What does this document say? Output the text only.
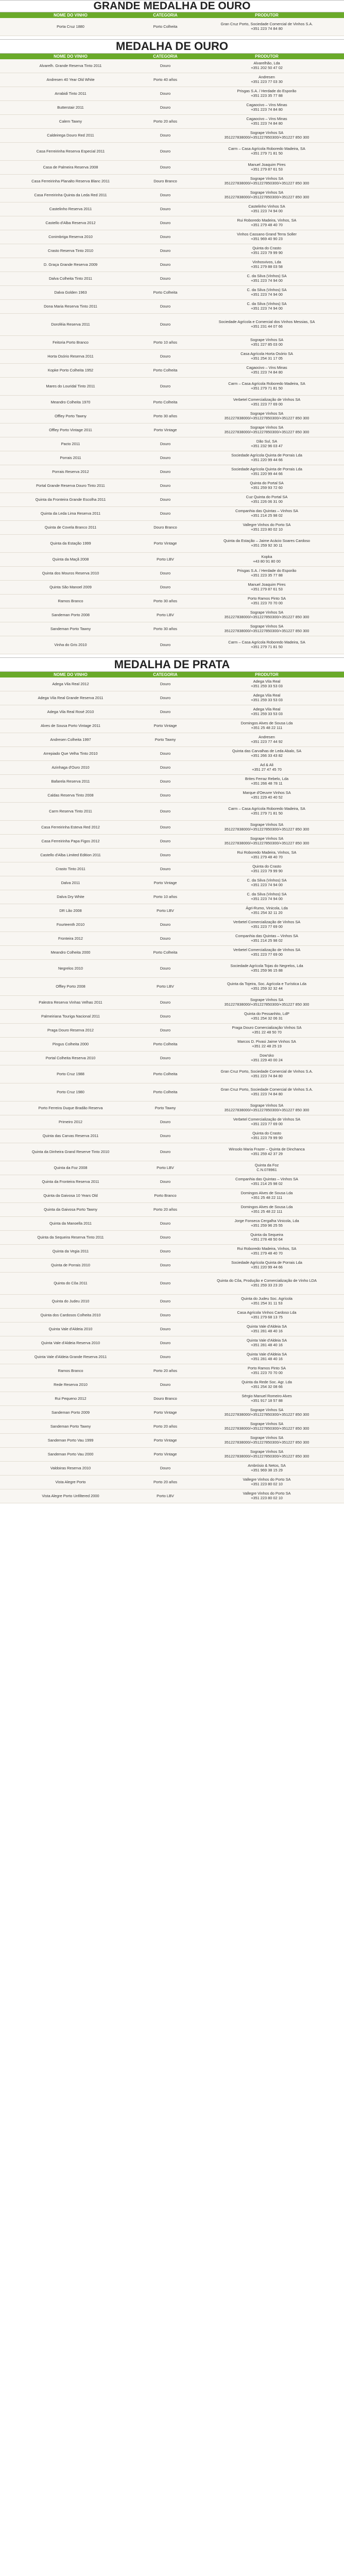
GRANDE MEDALHA DE OURO
NOME DO VINHO	CATEGORIA	PRODUTOR
Porta Cruz 1880	Porto Colheita	Gran Cruz Porto, Sociedade Comercial de Vinhos S.A.
+351 223 74 84 80
MEDALHA DE OURO
NOME DO VINHO	CATEGORIA	PRODUTOR
Alvarelh. Grande Reserva Tinto 2011	Douro	Alvarelhão, Lda
+351 202 50 47 02
Andresen 40 Year Old White	Porto 40 años	Andresen
+351 223 77 03 30
Arrabidi Tinto 2011	Douro	Prisgas S.A. / Herdade do Esporão
+351 223 35 77 88
Butterstair 2011	Douro	Cagaocivo – Vins Minas
+351 223 74 84 80
Calem Tawny	Porto 20 años	Cagaocivo – Vins Minas
+351 223 74 84 80
Caldeirega Douro Red 2011	Douro	Sogrape Vinhos SA
351227838000/+351227850300/+351227 850 300
Casa Ferreirinha Reserva Especial 2011	Douro	Carm – Casa Agrícola Roboredo Madeira, SA
+351 279 71 81 50
Casa de Palmeira Reserva 2008	Douro	Manuel Joaquim Pires
+351 279 87 61 53
Casa Ferreirinha Planalto Reserva Blanc 2011	Douro Branco	Sogrape Vinhos SA
351227838000/+351227850300/+351227 850 300
Casa Ferreirinha Quinta da Leda Red 2011	Douro	Sogrape Vinhos SA
351227838000/+351227850300/+351227 850 300
Castelinho Reserva 2011	Douro	Castelinho Vinhos SA
+351 223 74 94 00
Castello d'Alba Reserva 2012	Douro	Rui Roboredo Madeira, Vinhos, SA
+351 279 48 40 70
Conimbriga Reserva 2010	Douro	Vinhos Cassano Grand Terra Soller
+351 969 40 90 23
Crasto Reserva Tinto 2010	Douro	Quinta do Crasto
+351 223 79 99 90
D. Graça Grande Reserva 2009	Douro	Vinhosvivos, Lda
+351 279 88 03 58
Dalva Colheita Tinto 2011	Douro	C. da Silva (Vinhos) SA
+351 223 74 94 00
Dalva Golden 1963	Porto Colheita	C. da Silva (Vinhos) SA
+351 223 74 94 00
Dona Maria Reserva Tinto 2011	Douro	C. da Silva (Vinhos) SA
+351 223 74 94 00
Doroféia Reserva 2011	Douro	Sociedade Agrícola e Comercial dos Vinhos Messias, SA
+351 231 44 07 66
Feitoria Porto Branco	Porto 10 años	Sogrape Vinhos SA
+351 227 85 03 00
Horta Osório Reserva 2011	Douro	Casa Agrícola Horta Osório SA
+351 254 31 17 05
Kopke Porto Colheita 1952	Porto Colheita	Cagaocivo – Vins Minas
+351 223 74 84 80
Mares do Louridal Tinto 2011	Douro	Carm – Casa Agrícola Roboredo Madeira, SA
+351 279 71 81 50
Meandro Colheita 1970	Porto Colheita	Verbetel Comercialização de Vinhos SA
+351 223 77 69 00
Offley Porto Tawny	Porto 30 años	Sogrape Vinhos SA
351227838000/+351227850300/+351227 850 300
Offley Porto Vintage 2011	Porto Vintage	Sogrape Vinhos SA
351227838000/+351227850300/+351227 850 300
Pacto 2011	Douro	Dão Sul, SA
+351 232 96 03 47
Porrais 2011	Douro	Sociedade Agrícola Quinta de Porrais Lda
+351 220 99 44 66
Porrais Reserva 2012	Douro	Sociedade Agrícola Quinta de Porrais Lda
+351 220 99 44 66
Portal Grande Reserva Douro Tinto 2011	Douro	Quinta do Portal SA
+351 259 93 72 60
Quinta da Fronteira Grande Escolha 2011	Douro	Cuz Quinta do Portal SA
+351 226 06 31 00
Quinta da Leda Lima Reserva 2011	Douro	Companhia das Quintas – Vinhos SA
+351 214 25 98 02
Quinta de Covela Branco 2011	Douro Branco	Vallegre Vinhos do Porto SA
+351 223 80 02 10
Quinta da Estação 1999	Porto Vintage	Quinta da Estação – Jaime Acácio Soares Cardoso
+351 259 92 30 11
Quinta da Maçã 2008	Porto LBV	Kopka
+43 80 91 80 00
Quinta dos Mouros Reserva 2010	Douro	Prisgas S.A. / Herdade do Esporão
+351 223 35 77 88
Quinta São Manoel 2009	Douro	Manuel Joaquim Pires
+351 279 87 61 53
Ramos Branco	Porto 30 años	Porto Ramos Pinto SA
+351 223 70 70 00
Sandeman Porto 2008	Porto LBV	Sogrape Vinhos SA
351227838000/+351227850300/+351227 850 300
Sandeman Porto Tawny	Porto 30 años	Sogrape Vinhos SA
351227838000/+351227850300/+351227 850 300
Vinha do Gris 2010	Douro	Carm – Casa Agrícola Roboredo Madeira, SA
+351 279 71 81 50
MEDALHA DE PRATA
NOME DO VINHO	CATEGORIA	PRODUTOR
Adega Vila Real 2012	Douro	Adega Vila Real
+351 259 33 53 03
Adega Vila Real Grande Reserva 2011	Douro	Adega Vila Real
+351 259 33 53 03
Adega Vila Real Rosé 2010	Douro	Adega Vila Real
+351 259 33 53 03
Alves de Sousa Porto Vintage 2011	Porto Vintage	Domingos Alves de Sousa Lda
+351 25 48 22 111
Andresen Colheita 1997	Porto Tawny	Andresen
+351 223 77 44 92
Arrepiado Que Velha Tinto 2010	Douro	Quinta das Carvalhas de Leda Abalo, SA
+351 266 33 43 82
Azinhaga d'Ouro 2010	Douro	Ad & Ali
+351 27 47 45 70
Bafarela Reserva 2011	Douro	Brites Ferraz Rebelo, Lda
+351 266 48 78 11
Caldas Reserva Tinto 2008	Douro	Marque d'Oeuvre Vinhos SA
+351 229 40 40 52
Carm Reserva Tinto 2011	Douro	Carm – Casa Agrícola Roboredo Madeira, SA
+351 279 71 81 50
Casa Ferreirinha Esteva Red 2012	Douro	Sogrape Vinhos SA
351227838000/+351227850300/+351227 850 300
Casa Ferreirinha Papa Figos 2012	Douro	Sogrape Vinhos SA
351227838000/+351227850300/+351227 850 300
Castello d'Alba Limited Edition 2011	Douro	Rui Roboredo Madeira, Vinhos, SA
+351 279 48 40 70
Crasto Tinto 2011	Douro	Quinta do Crasto
+351 223 79 99 90
Dalva 2011	Porto Vintage	C. da Silva (Vinhos) SA
+351 223 74 94 00
Dalva Dry White	Porto 10 años	C. da Silva (Vinhos) SA
+351 223 74 94 00
DR Lão 2008	Porto LBV	Ágri-Rumo, Vinicola, Lda
+351 254 32 11 20
Fourteenth 2010	Douro	Verbetel Comercialização de Vinhos SA
+351 223 77 69 00
Fronteira 2012	Douro	Companhia das Quintas – Vinhos SA
+351 214 25 98 02
Meandro Colheita 2000	Porto Colheita	Verbetel Comercialização de Vinhos SA
+351 223 77 69 00
Negrelos 2010	Douro	Sociedade Agrícola Tojas do Negrelos, Lda
+351 259 96 15 88
Offley Porto 2008	Porto LBV	Quinta da Tojeira, Soc. Agrícola e Turística Lda
+351 259 32 32 44
Palestra Reserva Vinhas Velhas 2011	Douro	Sogrape Vinhos SA
351227838000/+351227850300/+351227 850 300
Palmeiriana Touriga Nacional 2011	Douro	Quinta do Pessanhito, LdP
+351 254 32 06 31
Praga Douro Reserva 2012	Douro	Praga Douro Comercialização Vinhos SA
+351 22 48 50 70
Pingus Colheita 2000	Porto Colheita	Marcos D. Pivasi Jaime Vinhos SA
+351 22 48 25 19
Portal Colheita Reserva 2010	Douro	Dow'sko
+351 229 40 00 24
Porto Cruz 1988	Porto Colheita	Gran Cruz Porto, Sociedade Comercial de Vinhos S.A.
+351 223 74 84 80
Porto Cruz 1980	Porto Colheita	Gran Cruz Porto, Sociedade Comercial de Vinhos S.A.
+351 223 74 84 80
Porto Ferreira Duque Bradão Reserva	Porto Tawny	Sogrape Vinhos SA
351227838000/+351227850300/+351227 850 300
Primeiro 2012	Douro	Verbetel Comercialização de Vinhos SA
+351 223 77 69 00
Quinta das Carvas Reserva 2011	Douro	Quinta do Crasto
+351 223 79 99 90
Quinta da Dinheira Grand Reserve Tinto 2010	Douro	Winsolo Maria Frazer – Quinta de Dinchanca
+351 259 42 37 29
Quinta da Foz 2008	Porto LBV	Quinta da Foz
C.N.078961
Quinta da Fronteira Reserva 2011	Douro	Companhia das Quintas – Vinhos SA
+351 214 25 98 02
Quinta da Gaivosa 10 Years Old	Porto Branco	Domingos Alves de Sousa Lda
+351 25 48 22 111
Quinta da Gaivosa Porto Tawny	Porto 20 años	Domingos Alves de Sousa Lda
+351 25 48 22 111
Quinta da Manoella 2011	Douro	Jorge Fonseca Cergalha Vinicola, Lda
+351 259 96 25 55
Quinta da Sequeira Reserva Tinto 2011	Douro	Quinta da Sequeira
+351 278 48 50 64
Quinta da Vegia 2011	Douro	Rui Roboredo Madeira, Vinhos, SA
+351 279 48 40 70
Quinta de Porrais 2010	Douro	Sociedade Agrícola Quinta de Porrais Lda
+351 220 99 44 66
Quinta do Côa 2011	Douro	Quinta do Côa, Produção e Comercialização de Vinho LDA
+351 259 33 23 20
Quinta do Judeu 2010	Douro	Quinta do Judeu Soc. Agrícola
+351 254 31 11 53
Quinta dos Cardosos Colheita 2010	Douro	Casa Agrícola Vinhos Cardoso Lda
+351 279 68 13 75
Quinta Vale d'Aldeia 2010	Douro	Quinta Vale d'Aldeia SA
+351 281 48 40 16
Quinta Vale d'Aldeia Reserva 2010	Douro	Quinta Vale d'Aldeia SA
+351 281 48 40 16
Quinta Vale d'Aldeia Grande Reserva 2011	Douro	Quinta Vale d'Aldeia SA
+351 281 48 40 16
Ramos Branco	Porto 20 años	Porto Ramos Pinto SA
+351 223 70 70 00
Rede Reserva 2010	Douro	Quinta da Rede Soc. Agr. Lda
+351 254 32 08 66
Rui Pequeno 2012	Douro Branco	Sérgio Manuel Romeiro Alves
+351 917 18 57 88
Sandeman Porto 2009	Porto Vintage	Sogrape Vinhos SA
351227838000/+351227850300/+351227 850 300
Sandeman Porto Tawny	Porto 20 años	Sogrape Vinhos SA
351227838000/+351227850300/+351227 850 300
Sandeman Porto Vau 1999	Porto Vintage	Sogrape Vinhos SA
351227838000/+351227850300/+351227 850 300
Sandeman Porto Vau 2000	Porto Vintage	Sogrape Vinhos SA
351227838000/+351227850300/+351227 850 300
Valdoiras Reserva 2010	Douro	Ambrósio & Netos, SA
+351 969 38 15 29
Vista Alegre Porto	Porto 20 años	Vallegre Vinhos do Porto SA
+351 223 80 02 10
Vista Alegre Porto Unfiltered 2000	Porto LBV	Vallegre Vinhos do Porto SA
+351 223 80 02 10
